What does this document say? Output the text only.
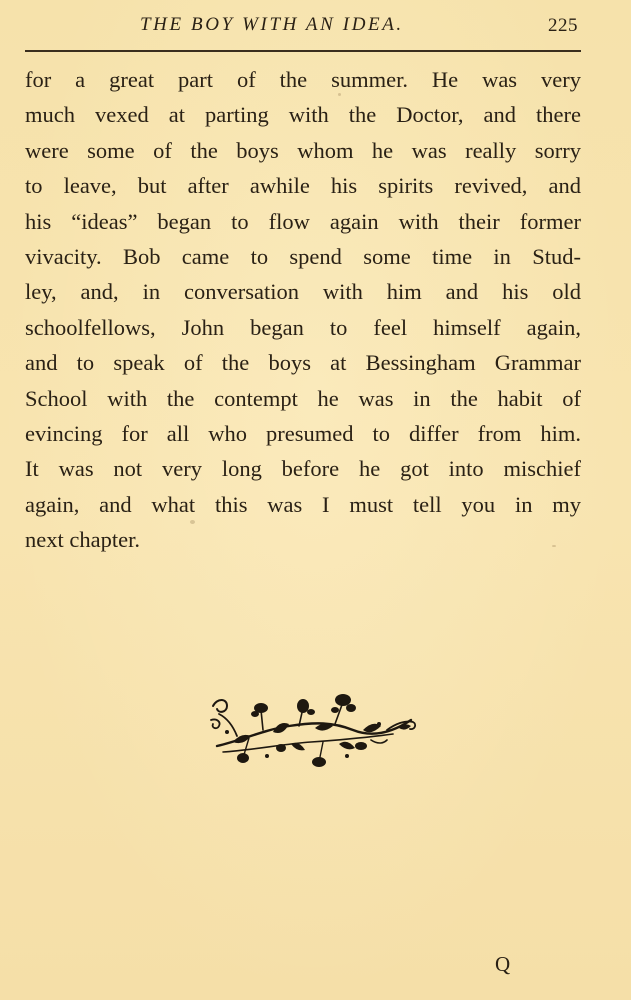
THE BOY WITH AN IDEA.	225
for a great part of the summer. He was very
much vexed at parting with the Doctor, and there
were some of the boys whom he was really sorry
to leave, but after awhile his spirits revived, and
his “ideas” began to flow again with their former
vivacity. Bob came to spend some time in Stud-
ley, and, in conversation with him and his old
schoolfellows, John began to feel himself again,
and to speak of the boys at Bessingham Grammar
School with the contempt he was in the habit of
evincing for all who presumed to differ from him.
It was not very long before he got into mischief
again, and what this was I must tell you in my
next chapter.
Q
